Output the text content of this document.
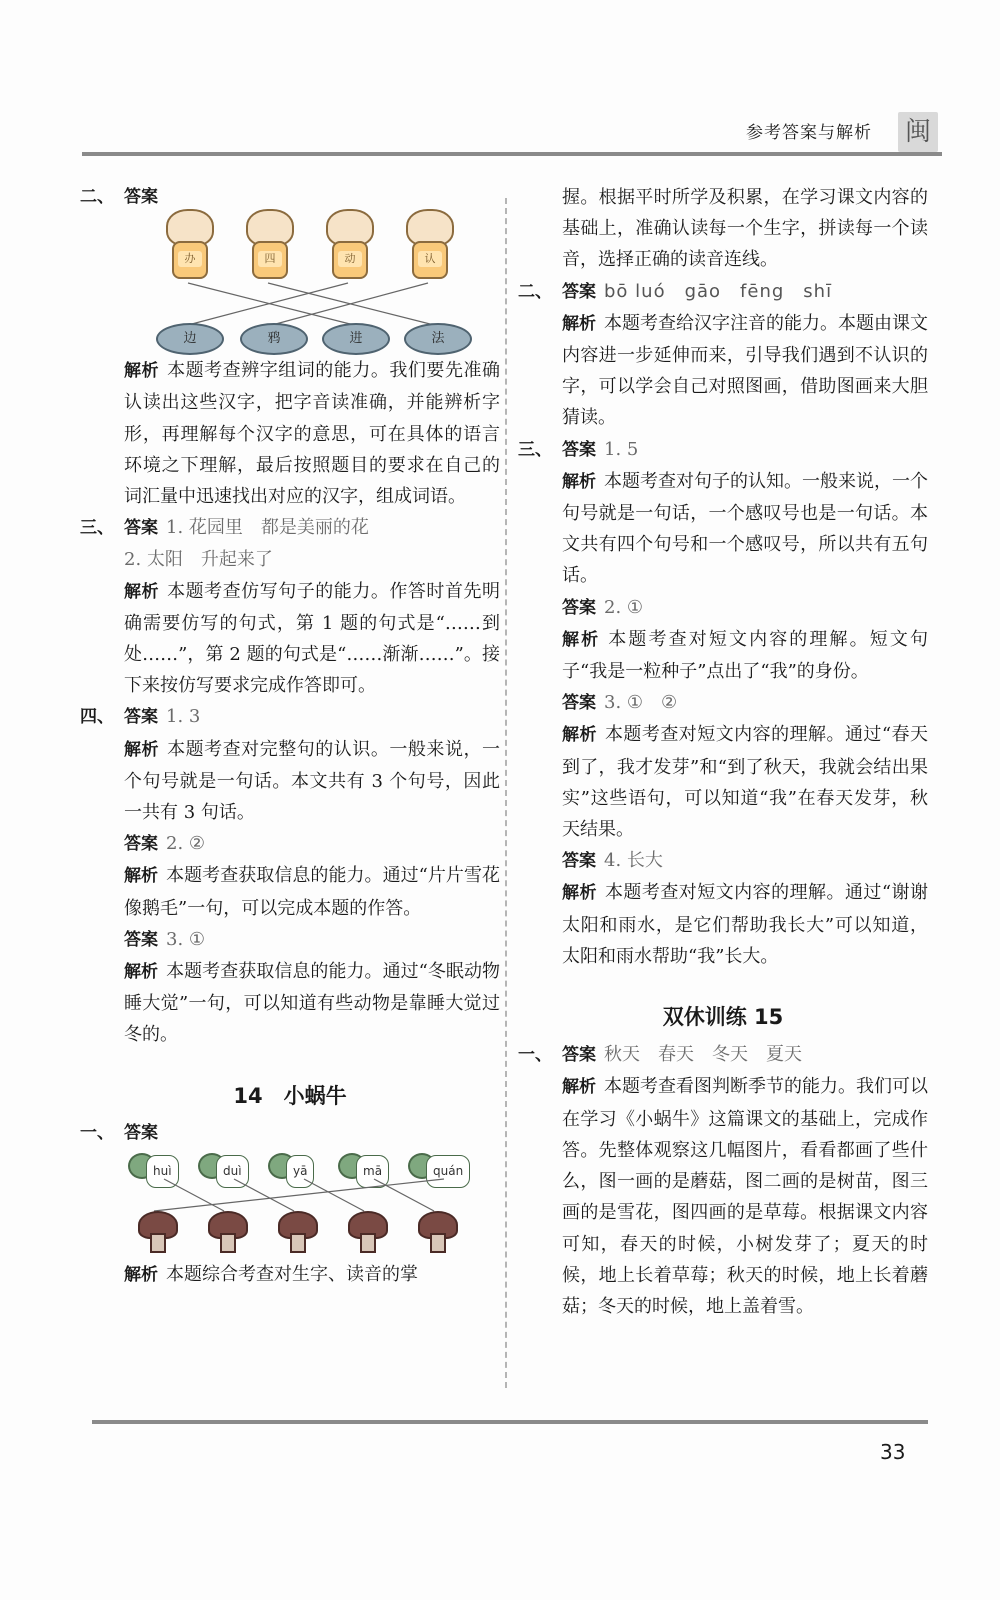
参考答案与解析 闽
二、 答案
办	四	动	认
边	鸦	进	法
解析 本题考查辨字组词的能力。我们要先准确认读出这些汉字，把字音读准确，并能辨析字形，再理解每个汉字的意思，可在具体的语言环境之下理解，最后按照题目的要求在自己的词汇量中迅速找出对应的汉字，组成词语。
三、 答案 1. 花园里　都是美丽的花
2. 太阳　升起来了
解析 本题考查仿写句子的能力。作答时首先明确需要仿写的句式，第 1 题的句式是“……到处……”，第 2 题的句式是“……渐渐……”。接下来按仿写要求完成作答即可。
四、 答案 1. 3
解析 本题考查对完整句的认识。一般来说，一个句号就是一句话。本文共有 3 个句号，因此一共有 3 句话。
答案 2. ②
解析 本题考查获取信息的能力。通过“片片雪花像鹅毛”一句，可以完成本题的作答。
答案 3. ①
解析 本题考查获取信息的能力。通过“冬眠动物睡大觉”一句，可以知道有些动物是靠睡大觉过冬的。
14　小蜗牛
一、 答案
huì	duì	yā	mā	quán
解析 本题综合考查对生字、读音的掌
握。根据平时所学及积累，在学习课文内容的基础上，准确认读每一个生字，拼读每一个读音，选择正确的读音连线。
二、 答案 bō luó　gāo　fēng　shī
解析 本题考查给汉字注音的能力。本题由课文内容进一步延伸而来，引导我们遇到不认识的字，可以学会自己对照图画，借助图画来大胆猜读。
三、 答案 1. 5
解析 本题考查对句子的认知。一般来说，一个句号就是一句话，一个感叹号也是一句话。本文共有四个句号和一个感叹号，所以共有五句话。
答案 2. ①
解析 本题考查对短文内容的理解。短文句子“我是一粒种子”点出了“我”的身份。
答案 3. ①　②
解析 本题考查对短文内容的理解。通过“春天到了，我才发芽”和“到了秋天，我就会结出果实”这些语句，可以知道“我”在春天发芽，秋天结果。
答案 4. 长大
解析 本题考查对短文内容的理解。通过“谢谢太阳和雨水，是它们帮助我长大”可以知道，太阳和雨水帮助“我”长大。
双休训练 15
一、 答案 秋天　春天　冬天　夏天
解析 本题考查看图判断季节的能力。我们可以在学习《小蜗牛》这篇课文的基础上，完成作答。先整体观察这几幅图片，看看都画了些什么，图一画的是蘑菇，图二画的是树苗，图三画的是雪花，图四画的是草莓。根据课文内容可知，春天的时候，小树发芽了；夏天的时候，地上长着草莓；秋天的时候，地上长着蘑菇；冬天的时候，地上盖着雪。
33
